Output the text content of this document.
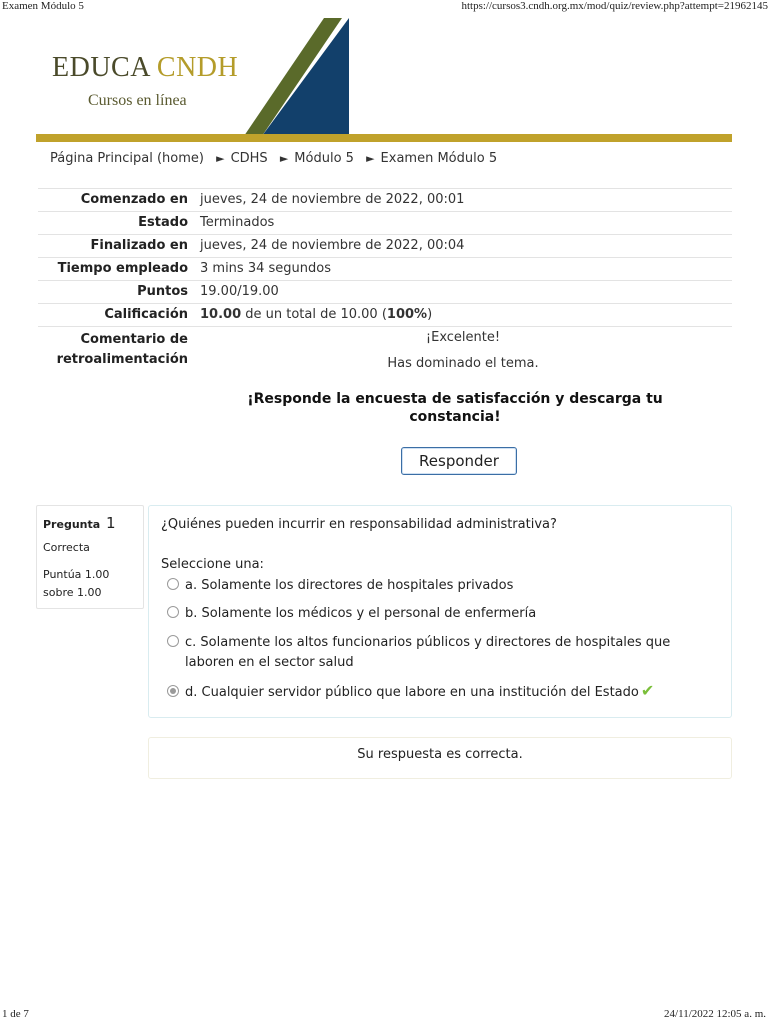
Examen Módulo 5	https://cursos3.cndh.org.mx/mod/quiz/review.php?attempt=21962145
EDUCA CNDH
Cursos en línea
Página Principal (home) ► CDHS ► Módulo 5 ► Examen Módulo 5
Comenzado en	jueves, 24 de noviembre de 2022, 00:01
Estado	Terminados
Finalizado en	jueves, 24 de noviembre de 2022, 00:04
Tiempo empleado	3 mins 34 segundos
Puntos	19.00/19.00
Calificación	10.00 de un total de 10.00 (100%)
Comentario de retroalimentación	¡Excelente!
Has dominado el tema.
¡Responde la encuesta de satisfacción y descarga tu constancia!
Responder
Pregunta 1
Correcta
Puntúa 1.00 sobre 1.00
¿Quiénes pueden incurrir en responsabilidad administrativa?
Seleccione una:
a. Solamente los directores de hospitales privados
b. Solamente los médicos y el personal de enfermería
c. Solamente los altos funcionarios públicos y directores de hospitales que
laboren en el sector salud
d. Cualquier servidor público que labore en una institución del Estado ✔
Su respuesta es correcta.
1 de 7	24/11/2022 12:05 a. m.
